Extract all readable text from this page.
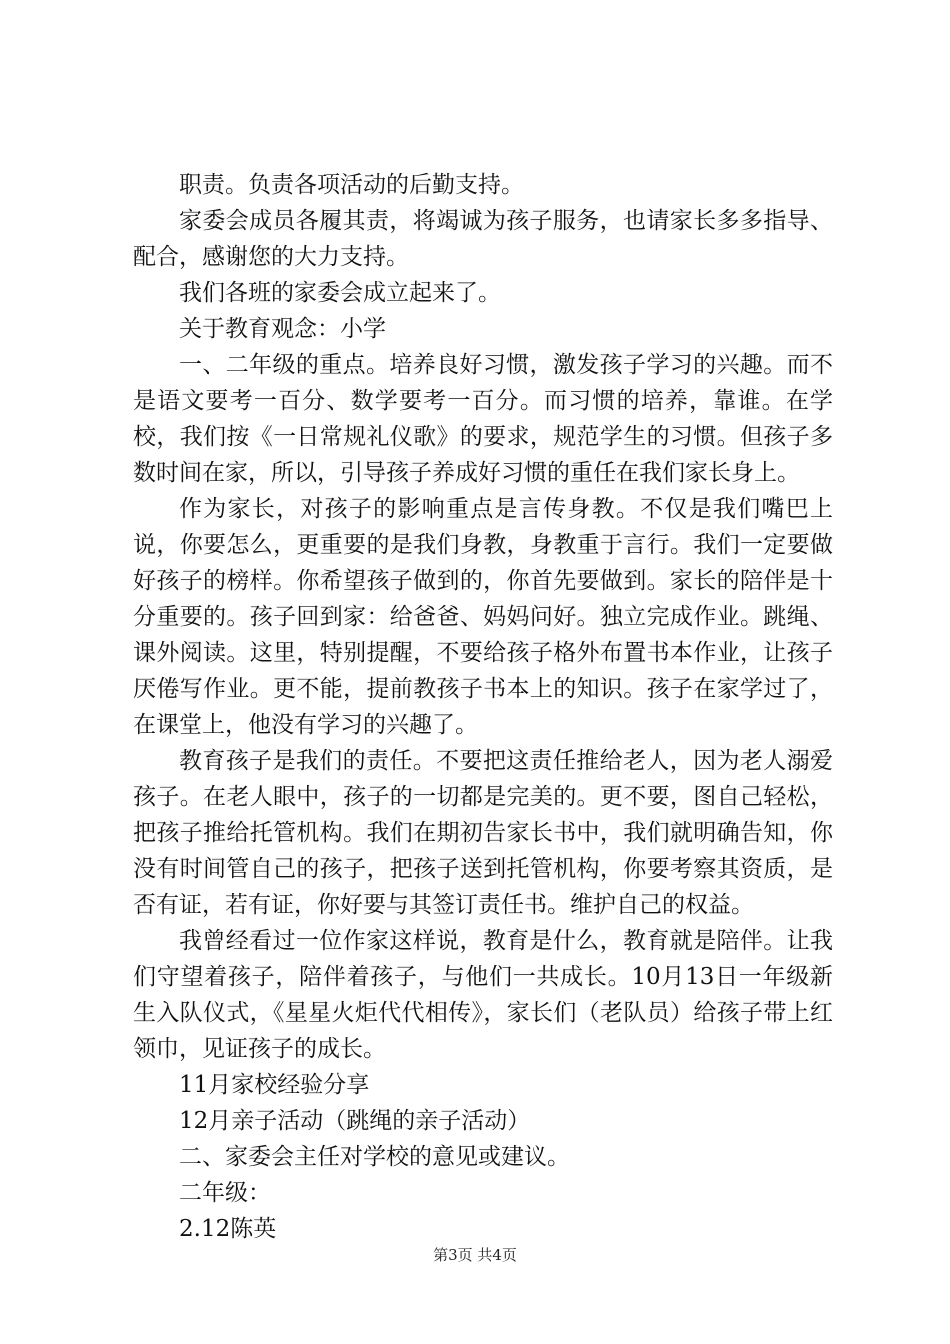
职责。负责各项活动的后勤支持。

家委会成员各履其责，将竭诚为孩子服务，也请家长多多指导、配合，感谢您的大力支持。

我们各班的家委会成立起来了。

关于教育观念：小学

一、二年级的重点。培养良好习惯，激发孩子学习的兴趣。而不是语文要考一百分、数学要考一百分。而习惯的培养，靠谁。在学校，我们按《一日常规礼仪歌》的要求，规范学生的习惯。但孩子多数时间在家，所以，引导孩子养成好习惯的重任在我们家长身上。

作为家长，对孩子的影响重点是言传身教。不仅是我们嘴巴上说，你要怎么，更重要的是我们身教，身教重于言行。我们一定要做好孩子的榜样。你希望孩子做到的，你首先要做到。家长的陪伴是十分重要的。孩子回到家：给爸爸、妈妈问好。独立完成作业。跳绳、课外阅读。这里，特别提醒，不要给孩子格外布置书本作业，让孩子厌倦写作业。更不能，提前教孩子书本上的知识。孩子在家学过了，在课堂上，他没有学习的兴趣了。

教育孩子是我们的责任。不要把这责任推给老人，因为老人溺爱孩子。在老人眼中，孩子的一切都是完美的。更不要，图自己轻松，把孩子推给托管机构。我们在期初告家长书中，我们就明确告知，你没有时间管自己的孩子，把孩子送到托管机构，你要考察其资质，是否有证，若有证，你好要与其签订责任书。维护自己的权益。

我曾经看过一位作家这样说，教育是什么，教育就是陪伴。让我们守望着孩子，陪伴着孩子，与他们一共成长。10月13日一年级新生入队仪式，《星星火炬代代相传》，家长们（老队员）给孩子带上红领巾，见证孩子的成长。

11月家校经验分享

12月亲子活动（跳绳的亲子活动）

二、家委会主任对学校的意见或建议。

二年级：

2.12陈英

第3页 共4页
